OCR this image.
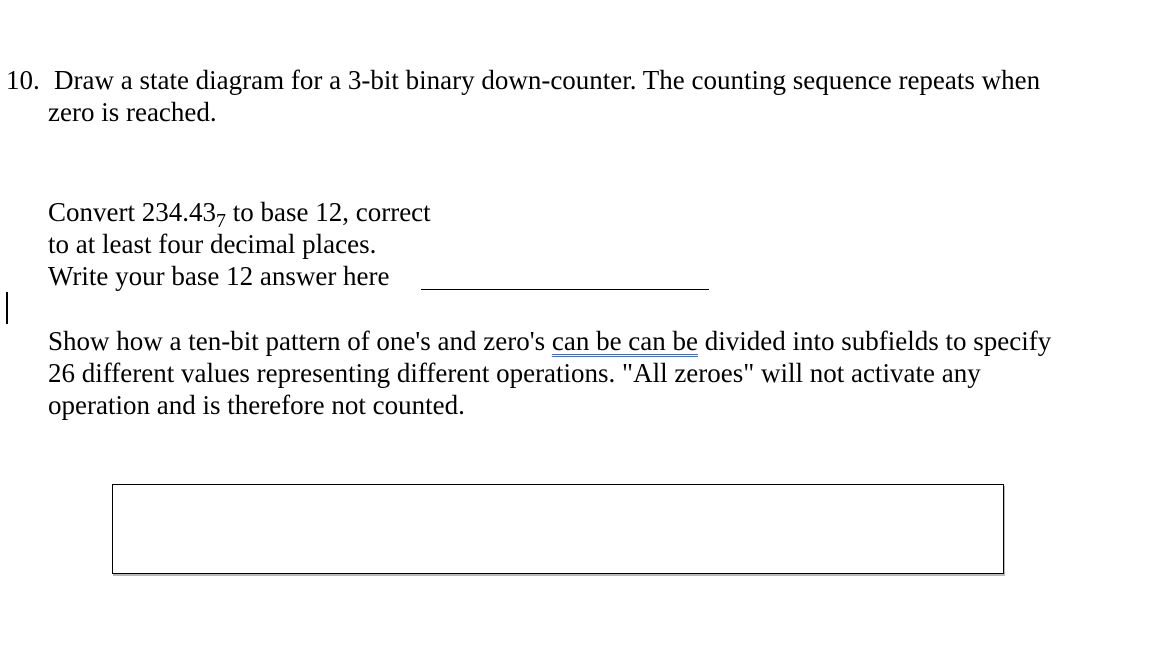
10. Draw a state diagram for a 3-bit binary down-counter. The counting sequence repeats when
zero is reached.
Convert $234.43_7$ to base 12, correct
to at least four decimal places.
Write your base 12 answer here
Show how a ten-bit pattern of one's and zero's can be can be divided into subfields to specify
26 different values representing different operations. "All zeroes" will not activate any
operation and is therefore not counted.
